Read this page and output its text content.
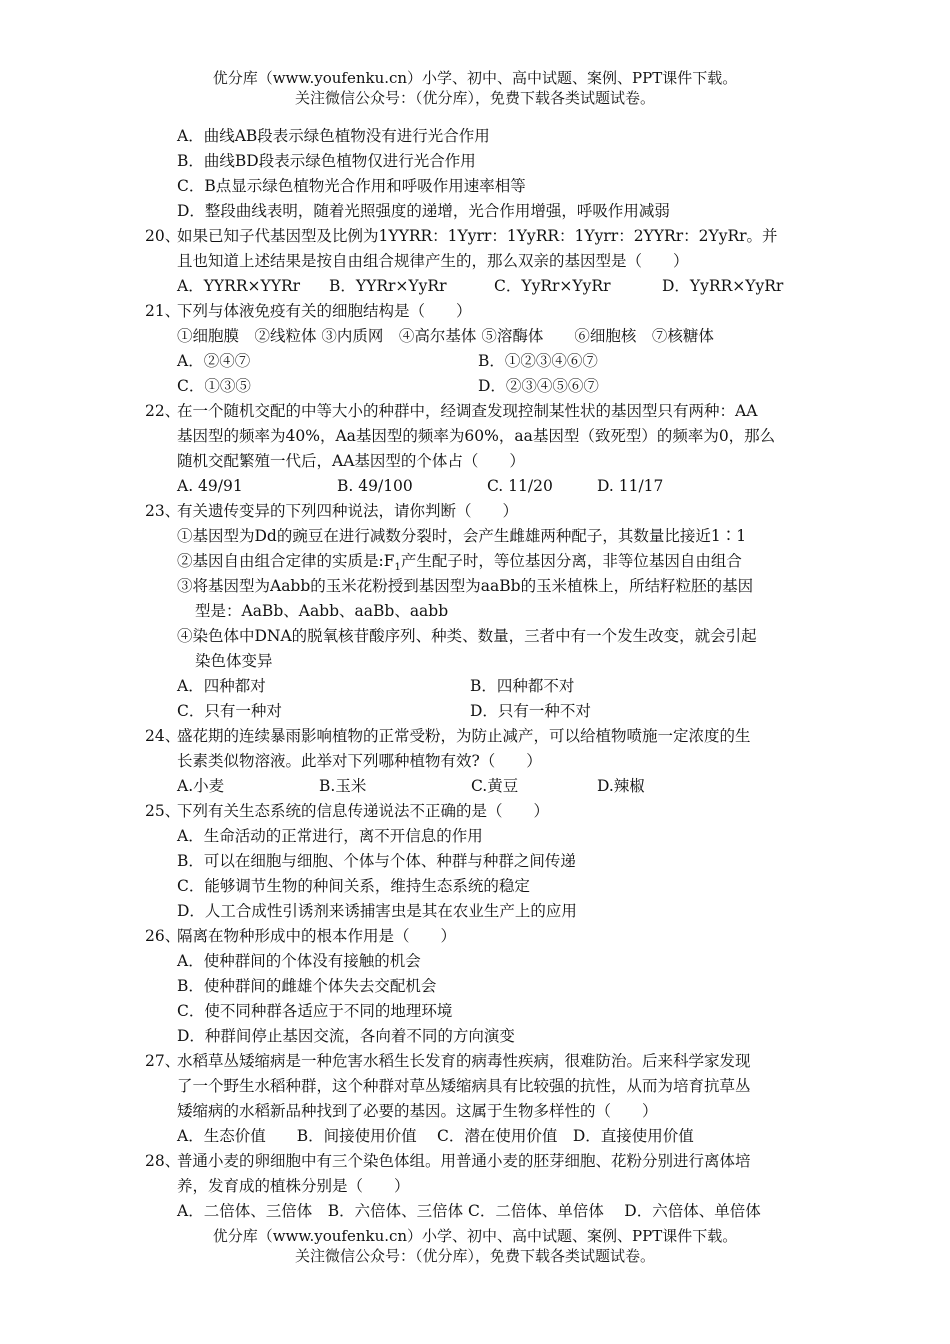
优分库（www.youfenku.cn）小学、初中、高中试题、案例、PPT课件下载。
关注微信公众号：（优分库），免费下载各类试题试卷。
A．曲线AB段表示绿色植物没有进行光合作用
B．曲线BD段表示绿色植物仅进行光合作用
C．B点显示绿色植物光合作用和呼吸作用速率相等
D．整段曲线表明，随着光照强度的递增，光合作用增强，呼吸作用减弱
20、
如果已知子代基因型及比例为1YYRR：1Yyrr：1YyRR：1Yyrr：2YYRr：2YyRr。并
且也知道上述结果是按自由组合规律产生的，那么双亲的基因型是（　　）
A．YYRR×YYRr	B．YYRr×YyRr	C．YyRr×YyRr	D．YyRR×YyRr
21、
下列与体液免疫有关的细胞结构是（　　）
①细胞膜　②线粒体 ③内质网　④高尔基体 ⑤溶酶体　　⑥细胞核　⑦核糖体
A．②④⑦	B．①②③④⑥⑦
C．①③⑤	D．②③④⑤⑥⑦
22、
在一个随机交配的中等大小的种群中，经调查发现控制某性状的基因型只有两种：AA
基因型的频率为40%，Aa基因型的频率为60%，aa基因型（致死型）的频率为0，那么
随机交配繁殖一代后，AA基因型的个体占（　　）
A. 49/91	B. 49/100	C. 11/20	D. 11/17
23、
有关遗传变异的下列四种说法，请你判断（　　）
①基因型为Dd的豌豆在进行减数分裂时，会产生雌雄两种配子，其数量比接近1∶1
②基因自由组合定律的实质是$:F_1$产生配子时，等位基因分离，非等位基因自由组合
③将基因型为Aabb的玉米花粉授到基因型为aaBb的玉米植株上，所结籽粒胚的基因
型是：AaBb、Aabb、aaBb、aabb
④染色体中DNA的脱氧核苷酸序列、种类、数量，三者中有一个发生改变，就会引起
染色体变异
A．四种都对	B．四种都不对
C．只有一种对	D．只有一种不对
24、
盛花期的连续暴雨影响植物的正常受粉，为防止减产，可以给植物喷施一定浓度的生
长素类似物溶液。此举对下列哪种植物有效?（　　）
A.小麦	B.玉米	C.黄豆	D.辣椒
25、
下列有关生态系统的信息传递说法不正确的是（　　）
A．生命活动的正常进行，离不开信息的作用
B．可以在细胞与细胞、个体与个体、种群与种群之间传递
C．能够调节生物的种间关系，维持生态系统的稳定
D．人工合成性引诱剂来诱捕害虫是其在农业生产上的应用
26、
隔离在物种形成中的根本作用是（　　）
A．使种群间的个体没有接触的机会
B．使种群间的雌雄个体失去交配机会
C．使不同种群各适应于不同的地理环境
D．种群间停止基因交流，各向着不同的方向演变
27、
水稻草丛矮缩病是一种危害水稻生长发育的病毒性疾病，很难防治。后来科学家发现
了一个野生水稻种群，这个种群对草丛矮缩病具有比较强的抗性，从而为培育抗草丛
矮缩病的水稻新品种找到了必要的基因。这属于生物多样性的（　　）
A．生态价值　　B．间接使用价值　 C．潜在使用价值　D．直接使用价值
28、
普通小麦的卵细胞中有三个染色体组。用普通小麦的胚芽细胞、花粉分别进行离体培
养，发育成的植株分别是（　　）
A．二倍体、三倍体　B．六倍体、三倍体 C．二倍体、单倍体　 D．六倍体、单倍体
优分库（www.youfenku.cn）小学、初中、高中试题、案例、PPT课件下载。
关注微信公众号：（优分库），免费下载各类试题试卷。
